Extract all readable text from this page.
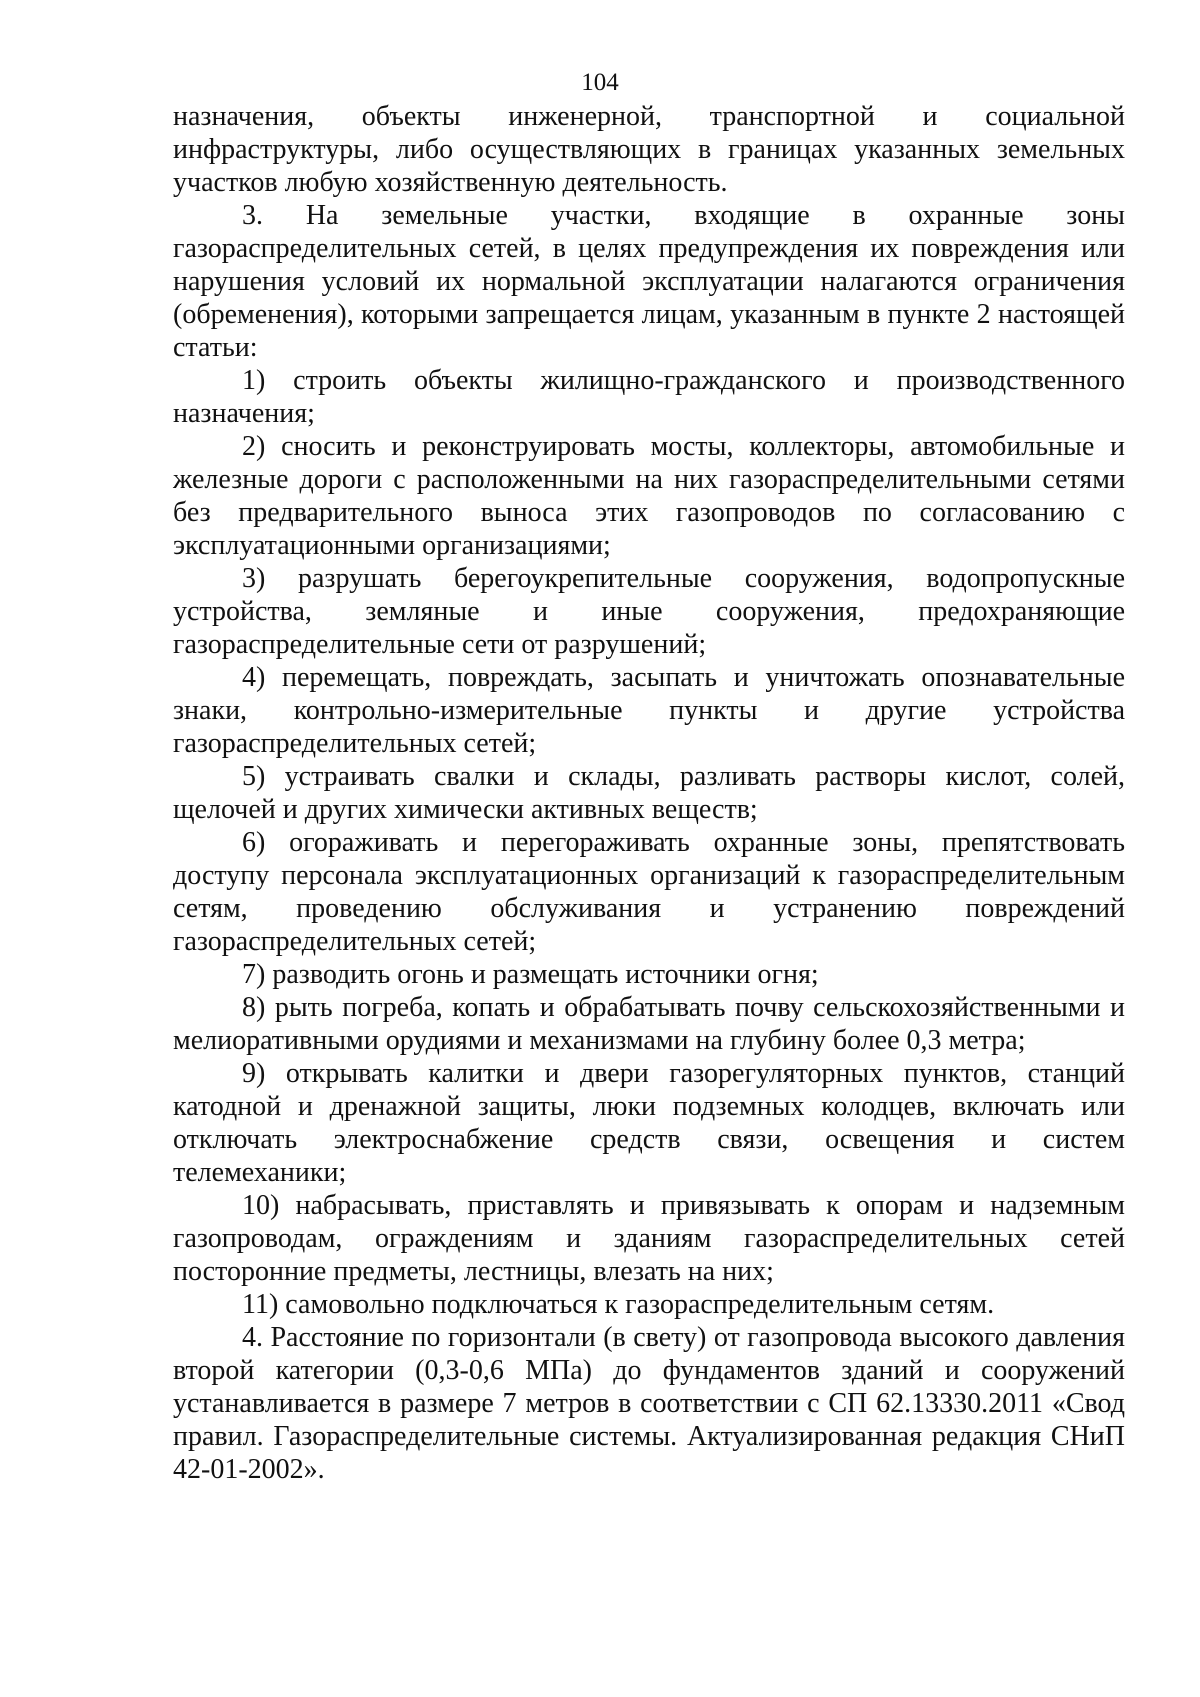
104

назначения, объекты инженерной, транспортной и социальной инфраструктуры, либо осуществляющих в границах указанных земельных участков любую хозяйственную деятельность.

3. На земельные участки, входящие в охранные зоны газораспределительных сетей, в целях предупреждения их повреждения или нарушения условий их нормальной эксплуатации налагаются ограничения (обременения), которыми запрещается лицам, указанным в пункте 2 настоящей статьи:

1) строить объекты жилищно-гражданского и производственного назначения;

2) сносить и реконструировать мосты, коллекторы, автомобильные и железные дороги с расположенными на них газораспределительными сетями без предварительного выноса этих газопроводов по согласованию с эксплуатационными организациями;

3) разрушать берегоукрепительные сооружения, водопропускные устройства, земляные и иные сооружения, предохраняющие газораспределительные сети от разрушений;

4) перемещать, повреждать, засыпать и уничтожать опознавательные знаки, контрольно-измерительные пункты и другие устройства газораспределительных сетей;

5) устраивать свалки и склады, разливать растворы кислот, солей, щелочей и других химически активных веществ;

6) огораживать и перегораживать охранные зоны, препятствовать доступу персонала эксплуатационных организаций к газораспределительным сетям, проведению обслуживания и устранению повреждений газораспределительных сетей;

7) разводить огонь и размещать источники огня;

8) рыть погреба, копать и обрабатывать почву сельскохозяйственными и мелиоративными орудиями и механизмами на глубину более 0,3 метра;

9) открывать калитки и двери газорегуляторных пунктов, станций катодной и дренажной защиты, люки подземных колодцев, включать или отключать электроснабжение средств связи, освещения и систем телемеханики;

10) набрасывать, приставлять и привязывать к опорам и надземным газопроводам, ограждениям и зданиям газораспределительных сетей посторонние предметы, лестницы, влезать на них;

11) самовольно подключаться к газораспределительным сетям.

4. Расстояние по горизонтали (в свету) от газопровода высокого давления второй категории (0,3-0,6 МПа) до фундаментов зданий и сооружений устанавливается в размере 7 метров в соответствии с СП 62.13330.2011 «Свод правил. Газораспределительные системы. Актуализированная редакция СНиП 42-01-2002».
